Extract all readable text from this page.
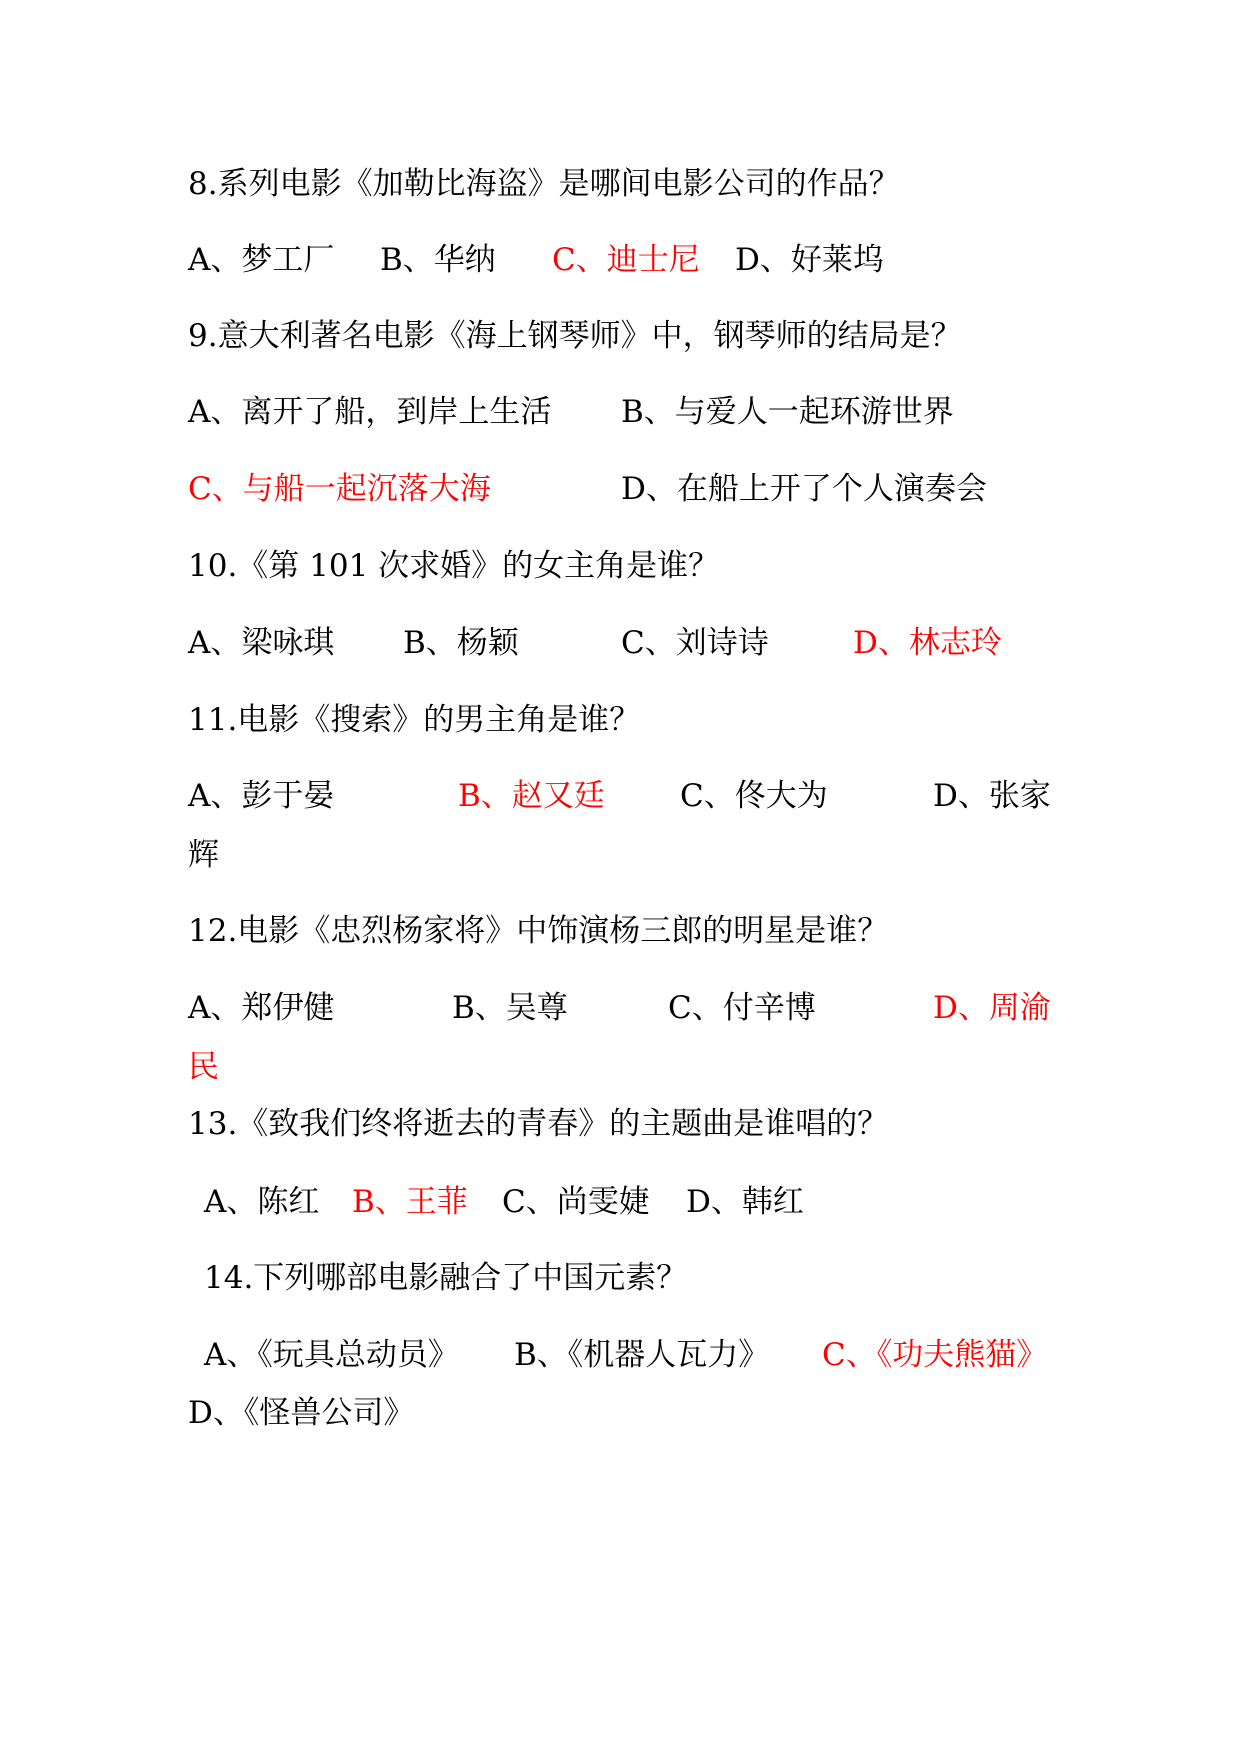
8.系列电影《加勒比海盗》是哪间电影公司的作品？
A、梦工厂 B、华纳 C、迪士尼 D、好莱坞
9.意大利著名电影《海上钢琴师》中，钢琴师的结局是？
A、离开了船，到岸上生活 B、与爱人一起环游世界
C、与船一起沉落大海	D、在船上开了个人演奏会
10.《第 101 次求婚》的女主角是谁？
A、梁咏琪 B、杨颖	C、刘诗诗	D、林志玲
11.电影《搜索》的男主角是谁？
A、彭于晏	B、赵又廷 C、佟大为	D、张家
辉
12.电影《忠烈杨家将》中饰演杨三郎的明星是谁？
A、郑伊健	B、吴尊	C、付辛博	D、周渝
民
13.《致我们终将逝去的青春》的主题曲是谁唱的？
A、陈红 B、王菲 C、尚雯婕 D、韩红
14.下列哪部电影融合了中国元素？
A、《玩具总动员》 B、《机器人瓦力》 C、《功夫熊猫》
D、《怪兽公司》
